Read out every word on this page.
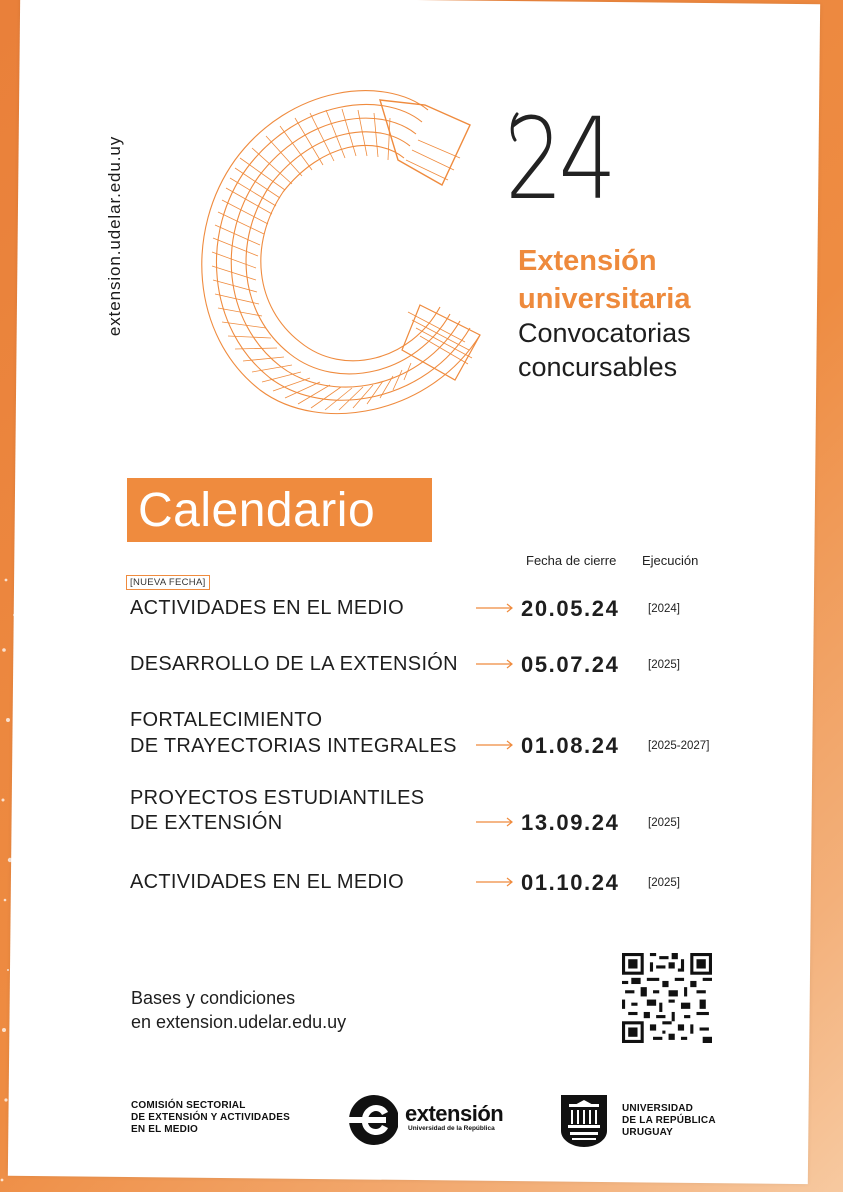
extension.udelar.edu.uy	24
Extensión
universitaria
Convocatorias
concursables
Calendario
Fecha de cierre Ejecución
[NUEVA FECHA]
ACTIVIDADES EN EL MEDIO	20.05.24 [2024]
DESARROLLO DE LA EXTENSIÓN	05.07.24 [2025]
FORTALECIMIENTO
DE TRAYECTORIAS INTEGRALES	01.08.24 [2025-2027]
PROYECTOS ESTUDIANTILES
DE EXTENSIÓN	13.09.24 [2025]
ACTIVIDADES EN EL MEDIO	01.10.24 [2025]
Bases y condiciones
en extension.udelar.edu.uy
COMISIÓN SECTORIAL
DE EXTENSIÓN Y ACTIVIDADES
EN EL MEDIO
extensión
Universidad de la República
UNIVERSIDAD
DE LA REPÚBLICA
URUGUAY
